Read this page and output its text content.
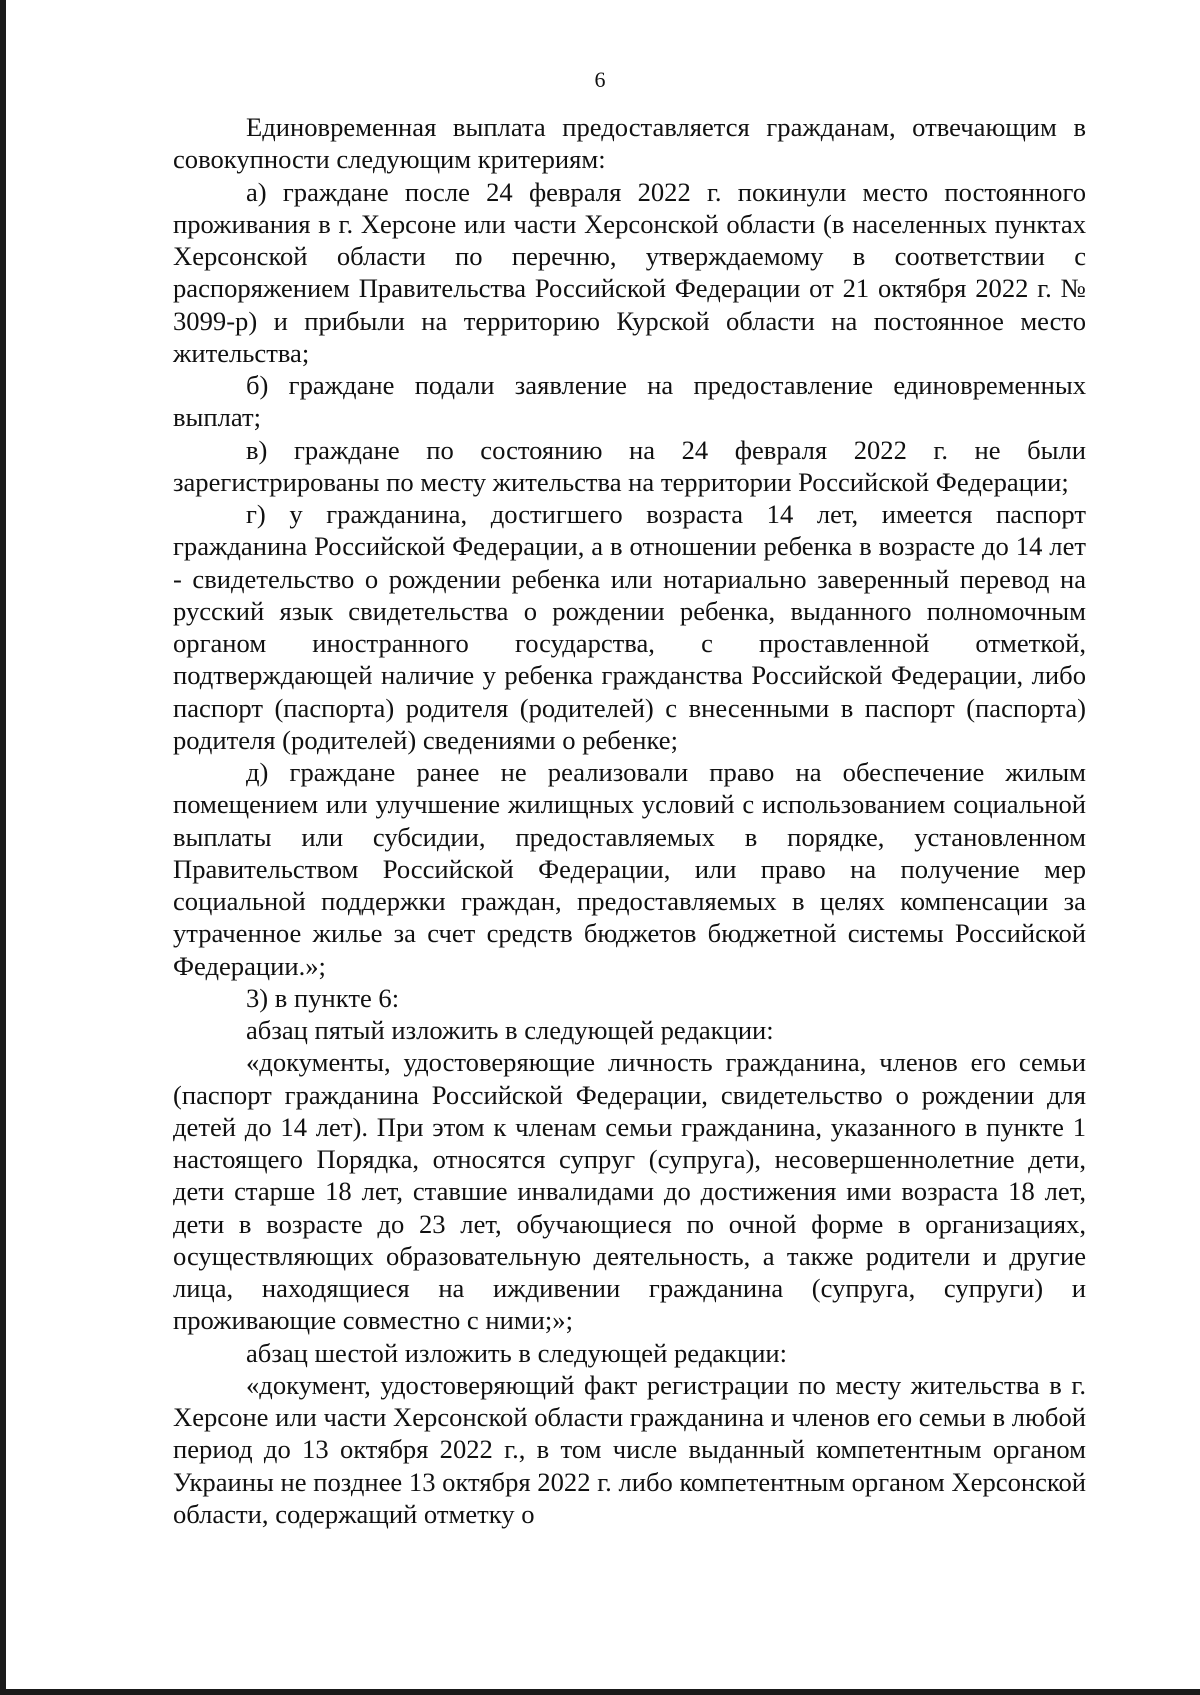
6

Единовременная выплата предоставляется гражданам, отвечающим в совокупности следующим критериям:

а) граждане после 24 февраля 2022 г. покинули место постоянного проживания в г. Херсоне или части Херсонской области (в населенных пунктах Херсонской области по перечню, утверждаемому в соответствии с распоряжением Правительства Российской Федерации от 21 октября 2022 г. № 3099-р) и прибыли на территорию Курской области на постоянное место жительства;

б) граждане подали заявление на предоставление единовременных выплат;

в) граждане по состоянию на 24 февраля 2022 г. не были зарегистрированы по месту жительства на территории Российской Федерации;

г) у гражданина, достигшего возраста 14 лет, имеется паспорт гражданина Российской Федерации, а в отношении ребенка в возрасте до 14 лет - свидетельство о рождении ребенка или нотариально заверенный перевод на русский язык свидетельства о рождении ребенка, выданного полномочным органом иностранного государства, с проставленной отметкой, подтверждающей наличие у ребенка гражданства Российской Федерации, либо паспорт (паспорта) родителя (родителей) с внесенными в паспорт (паспорта) родителя (родителей) сведениями о ребенке;

д) граждане ранее не реализовали право на обеспечение жилым помещением или улучшение жилищных условий с использованием социальной выплаты или субсидии, предоставляемых в порядке, установленном Правительством Российской Федерации, или право на получение мер социальной поддержки граждан, предоставляемых в целях компенсации за утраченное жилье за счет средств бюджетов бюджетной системы Российской Федерации.»;

3) в пункте 6:

абзац пятый изложить в следующей редакции:

«документы, удостоверяющие личность гражданина, членов его семьи (паспорт гражданина Российской Федерации, свидетельство о рождении для детей до 14 лет). При этом к членам семьи гражданина, указанного в пункте 1 настоящего Порядка, относятся супруг (супруга), несовершеннолетние дети, дети старше 18 лет, ставшие инвалидами до достижения ими возраста 18 лет, дети в возрасте до 23 лет, обучающиеся по очной форме в организациях, осуществляющих образовательную деятельность, а также родители и другие лица, находящиеся на иждивении гражданина (супруга, супруги) и проживающие совместно с ними;»;

абзац шестой изложить в следующей редакции:

«документ, удостоверяющий факт регистрации по месту жительства в г. Херсоне или части Херсонской области гражданина и членов его семьи в любой период до 13 октября 2022 г., в том числе выданный компетентным органом Украины не позднее 13 октября 2022 г. либо компетентным органом Херсонской области, содержащий отметку о
